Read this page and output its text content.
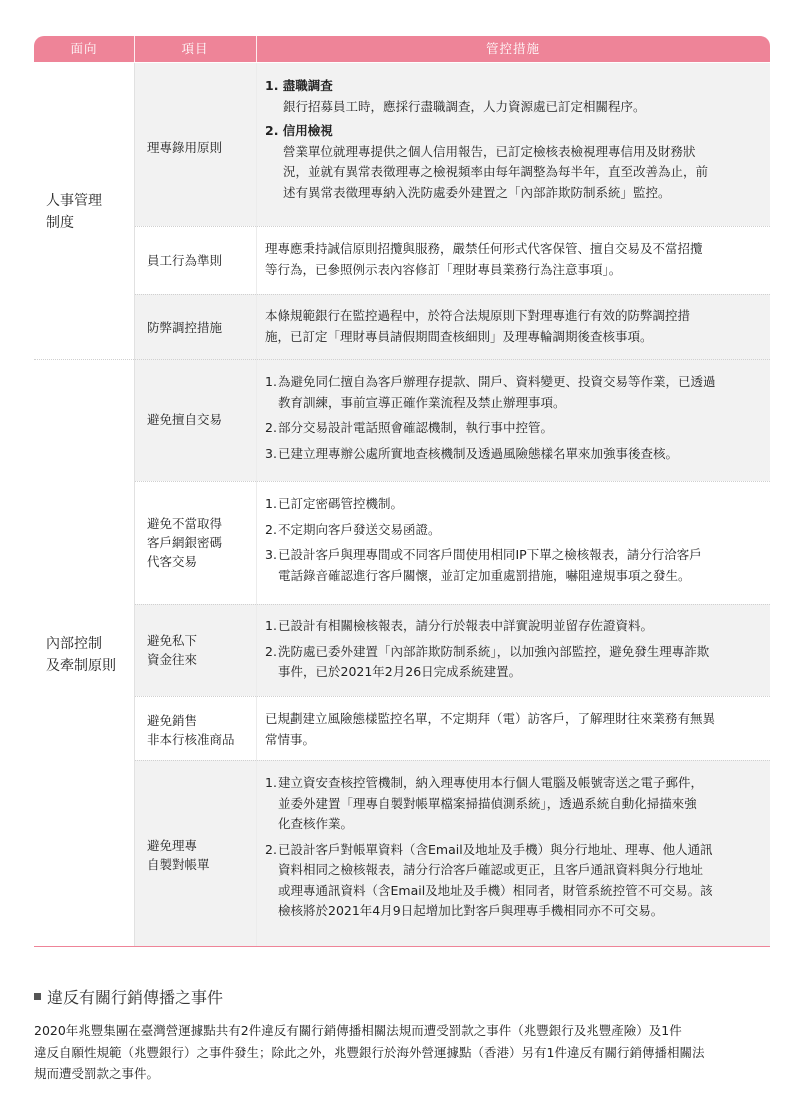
面向	項目	管控措施
人事管理
制度
內部控制
及牽制原則
理專錄用原則
員工行為準則
防弊調控措施
避免擅自交易
避免不當取得
客戶網銀密碼
代客交易
避免私下
資金往來
避免銷售
非本行核准商品
避免理專
自製對帳單
1. 盡職調查
銀行招募員工時，應採行盡職調查，人力資源處已訂定相關程序。
2. 信用檢視
營業單位就理專提供之個人信用報告，已訂定檢核表檢視理專信用及財務狀
況，並就有異常表徵理專之檢視頻率由每年調整為每半年，直至改善為止，前
述有異常表徵理專納入洗防處委外建置之「內部詐欺防制系統」監控。
理專應秉持誠信原則招攬與服務，嚴禁任何形式代客保管、擅自交易及不當招攬
等行為，已參照例示表內容修訂「理財專員業務行為注意事項」。
本條規範銀行在監控過程中，於符合法規原則下對理專進行有效的防弊調控措
施，已訂定「理財專員請假期間查核細則」及理專輪調期後查核事項。
1.為避免同仁擅自為客戶辦理存提款、開戶、資料變更、投資交易等作業，已透過
教育訓練，事前宣導正確作業流程及禁止辦理事項。
2.部分交易設計電話照會確認機制，執行事中控管。
3.已建立理專辦公處所實地查核機制及透過風險態樣名單來加強事後查核。
1.已訂定密碼管控機制。
2.不定期向客戶發送交易函證。
3.已設計客戶與理專間或不同客戶間使用相同IP下單之檢核報表，請分行洽客戶
電話錄音確認進行客戶關懷，並訂定加重處罰措施，嚇阻違規事項之發生。
1.已設計有相關檢核報表，請分行於報表中詳實說明並留存佐證資料。
2.洗防處已委外建置「內部詐欺防制系統」，以加強內部監控，避免發生理專詐欺
事件，已於2021年2月26日完成系統建置。
已規劃建立風險態樣監控名單，不定期拜（電）訪客戶，了解理財往來業務有無異
常情事。
1.建立資安查核控管機制，納入理專使用本行個人電腦及帳號寄送之電子郵件，
並委外建置「理專自製對帳單檔案掃描偵測系統」，透過系統自動化掃描來強
化查核作業。
2.已設計客戶對帳單資料（含Email及地址及手機）與分行地址、理專、他人通訊
資料相同之檢核報表，請分行洽客戶確認或更正，且客戶通訊資料與分行地址
或理專通訊資料（含Email及地址及手機）相同者，財管系統控管不可交易。該
檢核將於2021年4月9日起增加比對客戶與理專手機相同亦不可交易。
違反有關行銷傳播之事件
2020年兆豐集團在臺灣營運據點共有2件違反有關行銷傳播相關法規而遭受罰款之事件（兆豐銀行及兆豐產險）及1件
違反自願性規範（兆豐銀行）之事件發生；除此之外，兆豐銀行於海外營運據點（香港）另有1件違反有關行銷傳播相關法
規而遭受罰款之事件。
